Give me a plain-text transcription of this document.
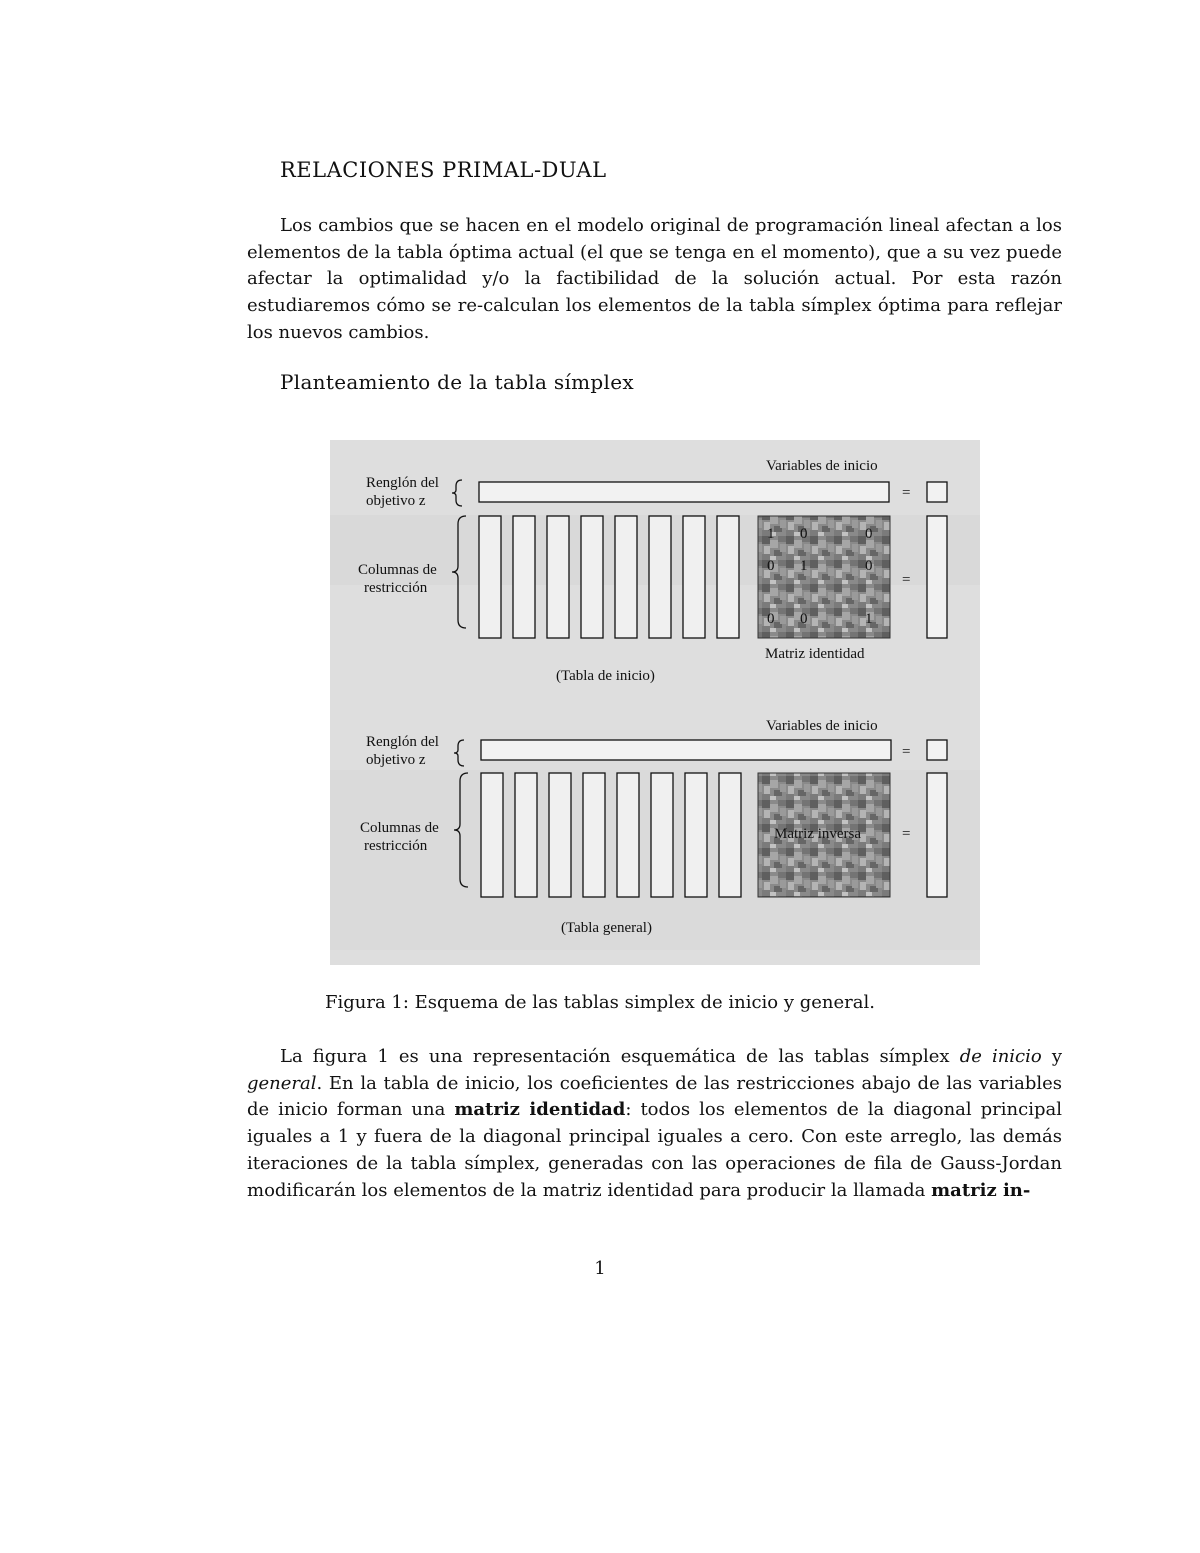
RELACIONES PRIMAL-DUAL

Los cambios que se hacen en el modelo original de programación lineal afectan a los elementos de la tabla óptima actual (el que se tenga en el momento), que a su vez puede afectar la optimalidad y/o la factibilidad de la solución actual. Por esta razón estudiaremos cómo se re-calculan los elementos de la tabla símplex óptima para reflejar los nuevos cambios.

Planteamiento de la tabla símplex
Variables de inicio
Renglón del
objetivo z	=
Columnas de
restricción
1 0	0
0 1	0
0 0	1
=
Matriz identidad
(Tabla de inicio)
Variables de inicio
Renglón del
objetivo z	=
Columnas de
restricción
Matriz inversa	=
(Tabla general)

Figura 1: Esquema de las tablas simplex de inicio y general.

La figura 1 es una representación esquemática de las tablas símplex de inicio y general. En la tabla de inicio, los coeficientes de las restricciones abajo de las variables de inicio forman una matriz identidad: todos los elementos de la diagonal principal iguales a 1 y fuera de la diagonal principal iguales a cero. Con este arreglo, las demás iteraciones de la tabla símplex, generadas con las operaciones de fila de Gauss-Jordan modificarán los elementos de la matriz identidad para producir la llamada matriz in-

1
